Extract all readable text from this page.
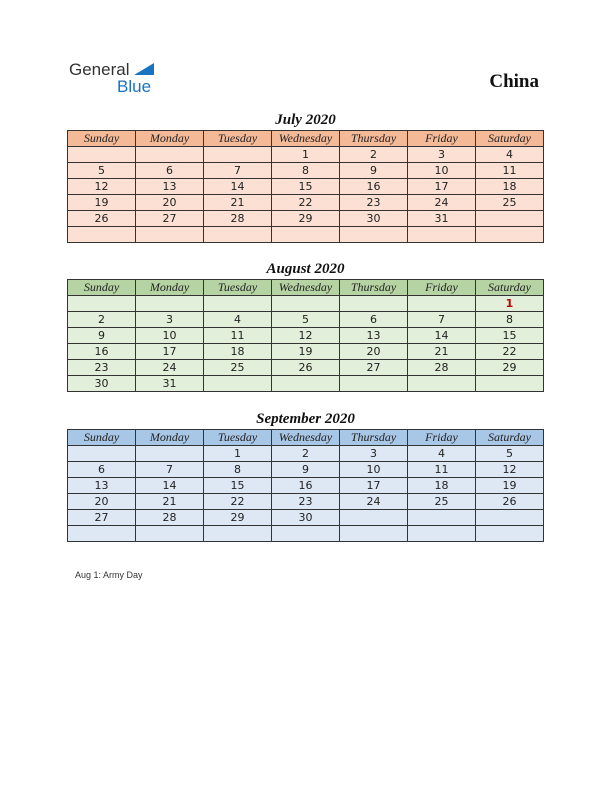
General
Blue	China
July 2020
Sunday	Monday	Tuesday	Wednesday	Thursday	Friday	Saturday
			1	2	3	4
5	6	7	8	9	10	11
12	13	14	15	16	17	18
19	20	21	22	23	24	25
26	27	28	29	30	31	

August 2020
Sunday	Monday	Tuesday	Wednesday	Thursday	Friday	Saturday
						1
2	3	4	5	6	7	8
9	10	11	12	13	14	15
16	17	18	19	20	21	22
23	24	25	26	27	28	29
30	31					
September 2020
Sunday	Monday	Tuesday	Wednesday	Thursday	Friday	Saturday
		1	2	3	4	5
6	7	8	9	10	11	12
13	14	15	16	17	18	19
20	21	22	23	24	25	26
27	28	29	30			

Aug 1: Army Day
